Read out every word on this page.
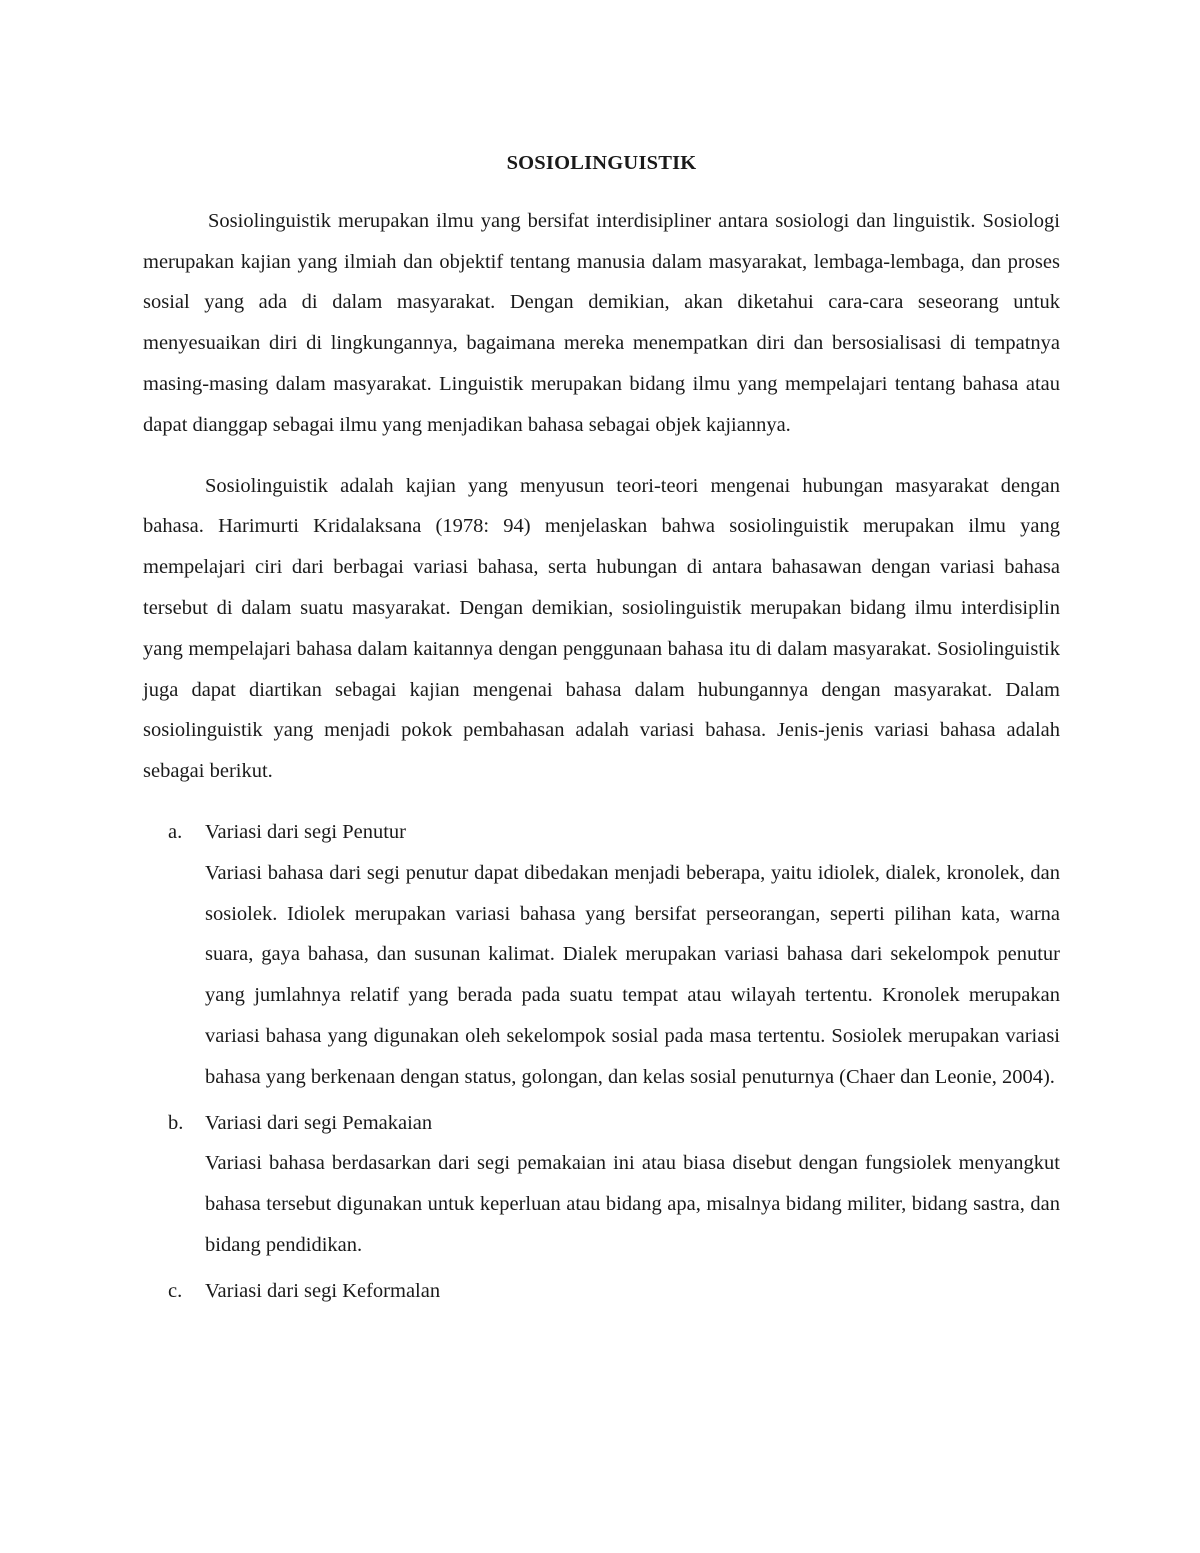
SOSIOLINGUISTIK

Sosiolinguistik merupakan ilmu yang bersifat interdisipliner antara sosiologi dan linguistik. Sosiologi merupakan kajian yang ilmiah dan objektif tentang manusia dalam masyarakat, lembaga-lembaga, dan proses sosial yang ada di dalam masyarakat. Dengan demikian, akan diketahui cara-cara seseorang untuk menyesuaikan diri di lingkungannya, bagaimana mereka menempatkan diri dan bersosialisasi di tempatnya masing-masing dalam masyarakat. Linguistik merupakan bidang ilmu yang mempelajari tentang bahasa atau dapat dianggap sebagai ilmu yang menjadikan bahasa sebagai objek kajiannya.

Sosiolinguistik adalah kajian yang menyusun teori-teori mengenai hubungan masyarakat dengan bahasa. Harimurti Kridalaksana (1978: 94) menjelaskan bahwa sosiolinguistik merupakan ilmu yang mempelajari ciri dari berbagai variasi bahasa, serta hubungan di antara bahasawan dengan variasi bahasa tersebut di dalam suatu masyarakat. Dengan demikian, sosiolinguistik merupakan bidang ilmu interdisiplin yang mempelajari bahasa dalam kaitannya dengan penggunaan bahasa itu di dalam masyarakat. Sosiolinguistik juga dapat diartikan sebagai kajian mengenai bahasa dalam hubungannya dengan masyarakat. Dalam sosiolinguistik yang menjadi pokok pembahasan adalah variasi bahasa. Jenis-jenis variasi bahasa adalah sebagai berikut.

a. Variasi dari segi Penutur
Variasi bahasa dari segi penutur dapat dibedakan menjadi beberapa, yaitu idiolek, dialek, kronolek, dan sosiolek. Idiolek merupakan variasi bahasa yang bersifat perseorangan, seperti pilihan kata, warna suara, gaya bahasa, dan susunan kalimat. Dialek merupakan variasi bahasa dari sekelompok penutur yang jumlahnya relatif yang berada pada suatu tempat atau wilayah tertentu. Kronolek merupakan variasi bahasa yang digunakan oleh sekelompok sosial pada masa tertentu. Sosiolek merupakan variasi bahasa yang berkenaan dengan status, golongan, dan kelas sosial penuturnya (Chaer dan Leonie, 2004).
b. Variasi dari segi Pemakaian
Variasi bahasa berdasarkan dari segi pemakaian ini atau biasa disebut dengan fungsiolek menyangkut bahasa tersebut digunakan untuk keperluan atau bidang apa, misalnya bidang militer, bidang sastra, dan bidang pendidikan.
c. Variasi dari segi Keformalan
